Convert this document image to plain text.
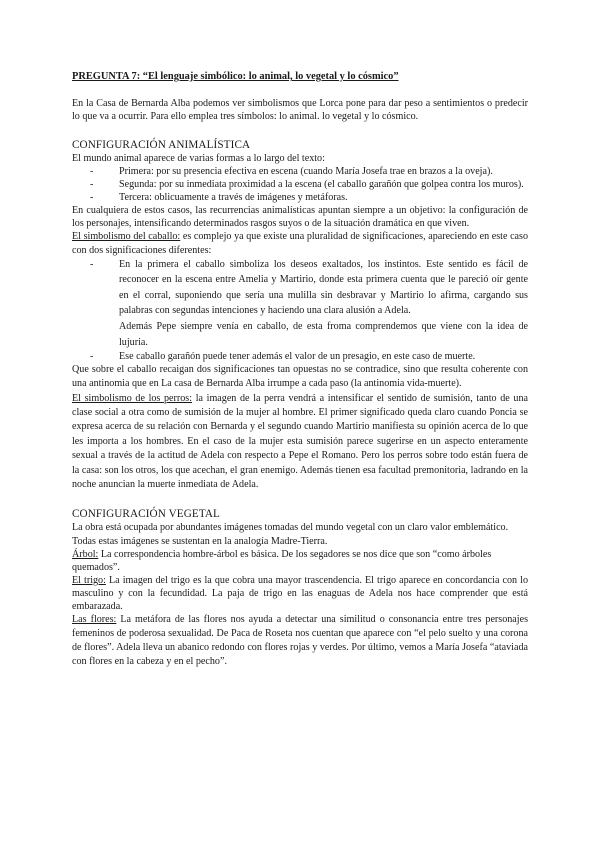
PREGUNTA 7: “El lenguaje simbólico: lo animal, lo vegetal y lo cósmico”

En la Casa de Bernarda Alba podemos ver simbolismos que Lorca pone para dar peso a sentimientos o predecir lo que va a ocurrir. Para ello emplea tres símbolos: lo animal. lo vegetal y lo cósmico.

CONFIGURACIÓN ANIMALÍSTICA

El mundo animal aparece de varias formas a lo largo del texto:

- Primera: por su presencia efectiva en escena (cuando María Josefa trae en brazos a la oveja).
- Segunda: por su inmediata proximidad a la escena (el caballo garañón que golpea contra los muros).
- Tercera: oblicuamente a través de imágenes y metáforas.

En cualquiera de estos casos, las recurrencias animalísticas apuntan siempre a un objetivo: la configuración de los personajes, intensificando determinados rasgos suyos o de la situación dramática en que viven.

El simbolismo del caballo: es complejo ya que existe una pluralidad de significaciones, apareciendo en este caso con dos significaciones diferentes:

- En la primera el caballo simboliza los deseos exaltados, los instintos. Este sentido es fácil de reconocer en la escena entre Amelia y Martirio, donde esta primera cuenta que le pareció oír gente en el corral, suponiendo que sería una mulilla sin desbravar y Martirio lo afirma, cargando sus palabras con segundas intenciones y haciendo una clara alusión a Adela.

Además Pepe siempre venía en caballo, de esta froma comprendemos que viene con la idea de lujuria.

- Ese caballo garañón puede tener además el valor de un presagio, en este caso de muerte.

Que sobre el caballo recaigan dos significaciones tan opuestas no se contradice, sino que resulta coherente con una antinomia que en La casa de Bernarda Alba irrumpe a cada paso (la antinomia vida-muerte).

El simbolismo de los perros: la imagen de la perra vendrá a intensificar el sentido de sumisión, tanto de una clase social a otra como de sumisión de la mujer al hombre. El primer significado queda claro cuando Poncia se expresa acerca de su relación con Bernarda y el segundo cuando Martirio manifiesta su opinión acerca de lo que les importa a los hombres. En el caso de la mujer esta sumisión parece sugerirse en un aspecto enteramente sexual a través de la actitud de Adela con respecto a Pepe el Romano. Pero los perros sobre todo están fuera de la casa: son los otros, los que acechan, el gran enemigo. Además tienen esa facultad premonitoria, ladrando en la noche anuncian la muerte inmediata de Adela.

CONFIGURACIÓN VEGETAL

La obra está ocupada por abundantes imágenes tomadas del mundo vegetal con un claro valor emblemático. Todas estas imágenes se sustentan en la analogía Madre-Tierra.

Árbol: La correspondencia hombre-árbol es básica. De los segadores se nos dice que son “como árboles

quemados”.

El trigo: La imagen del trigo es la que cobra una mayor trascendencia. El trigo aparece en concordancia con lo masculino y con la fecundidad. La paja de trigo en las enaguas de Adela nos hace comprender que está embarazada.

Las flores: La metáfora de las flores nos ayuda a detectar una similitud o consonancia entre tres personajes femeninos de poderosa sexualidad. De Paca de Roseta nos cuentan que aparece con “el pelo suelto y una corona de flores”. Adela lleva un abanico redondo con flores rojas y verdes. Por último, vemos a María Josefa “ataviada con flores en la cabeza y en el pecho”.
